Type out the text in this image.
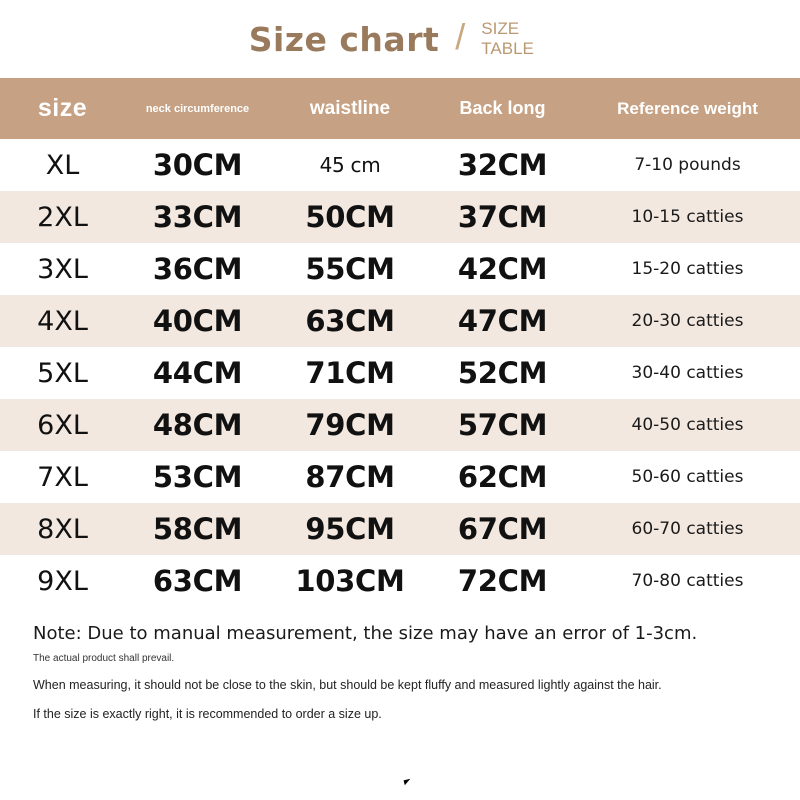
Size chart / SIZE TABLE
size	neck circumference	waistline	Back long	Reference weight
XL	30CM	45 cm	32CM	7-10 pounds
2XL	33CM	50CM	37CM	10-15 catties
3XL	36CM	55CM	42CM	15-20 catties
4XL	40CM	63CM	47CM	20-30 catties
5XL	44CM	71CM	52CM	30-40 catties
6XL	48CM	79CM	57CM	40-50 catties
7XL	53CM	87CM	62CM	50-60 catties
8XL	58CM	95CM	67CM	60-70 catties
9XL	63CM	103CM	72CM	70-80 catties
Note: Due to manual measurement, the size may have an error of 1-3cm.
The actual product shall prevail.
When measuring, it should not be close to the skin, but should be kept fluffy and measured lightly against the hair.
If the size is exactly right, it is recommended to order a size up.
